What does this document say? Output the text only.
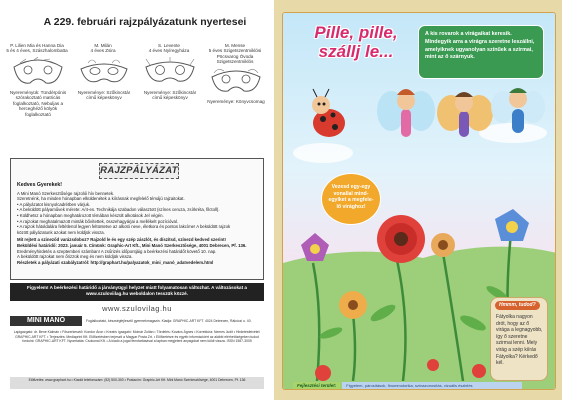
A 229. februári rajzpályázatunk nyertesei
P. Lilien Mia és Hanna Dia
5 és 4 éves, Szászhalombatta
Nyereményük: Tündérpónis szórakoztató matricás foglalkoztató, Nebuljas a herceghéző kölyök foglalkoztató
M. Milán
4 éves Zsira
Nyereménye: Szőkincstár című képeskönyv
S. Levente
4 éves Nyíregyháza
Nyereménye: Szőkincstár című képeskönyv
M. Mense
5 éves Szigetszentmiklósi Pöcsvarog Óvoda Szigetszentmiklós
Nyereménye: Könyvcsomag
RAJZPÁLYÁZAT
Kedves Gyerekek!
A Mini Manó Szerkesztősége rajzolói hív bennetek.
Szeretnénk, ha minden hónapban elküldenétek a kiírásnak megfelelő témájú rajzaitokat.
• A pályázatot kisnyolcadrétben várjuk.
• A beküldött pályaművek mérete: A/4-es. Technikája szabadon választott (színes ceruza, zsírkréta, filctoll).
• Küldhetsz a hónapban meghatározott témában készült alkotások Jel végén.
• A rajzokat meghatalmazott minták bővítettek, összehagyárjai a mellékelt pozícióval.
• A rajzok hátoldalára feltétlenül legyen feltüntetve az alkotó neve, életkora és pontos lakcíme! A beküldött rajzok
között pályázatunk azokat nem küldjük vissza.
Mit rejtett a szineződ varázsdoboz? Rajzold le és egy szép zászlót, és díszítsd, színezd kedved szerint!
Beküldési határidő: 2023. január 5. Címünk: Graphic-Art Kft., Mini Manó Szerkesztősége, 4001 Debrecen, Pf. 136.
Eredményhirdetés a szeptemberi számban! A zsűrizés időpontjáig a beérkezési határidőt követő 10. nap.
A beküldött rajzokat nem őrizzük meg és nem küldjük vissza.
Részletek a pályázati szabályzatról: http://graphart.hu/palyazatok_mini_manó_adatvedelem.html
Figyelem! A beérkezési határidő a járványügyi helyzet miatt folyamatosan változhat. A változásokat a www.szuloviilag.hu weboldalon tesszük közzé.
www.szulovilag.hu
MINI MANÓ	Foglalkoztató, készségfejlesztő gyermekmagazin. Kiadja: GRAPHIC-ART KFT. 4024 Debrecen, Rákóczi u. 40.
Lapigazgató: dr. Bene Kálmán • Főszerkesztő: Kondor Áron • Kreatív igazgató: Molnár Zoltán • Tördelés: Kovács Ágnes • Korrektúra: Nemes Judit • Hirdetésfelvétel: GRAPHIC-ART KFT. • Terjesztés: Mediaprint Kft. Előfizetésben terjeszti a Magyar Posta Zrt. • Előfizetésre és egyéb információért az alábbi elérhetőségeken tudod fordulni: GRAPHIC-ART KFT. Nyomtatás: Csokonai Kft. • A kiadó a jogai fenntartásával a lapban megjelent anyagokat nem küldi vissza. ISSN 1587-3005
Előfizetés: www.graphart.hu • Kiadói telefonszám: (52) 500-300 • Postacím: Graphic-Art Kft. Mini Manó Szerkesztősége, 4001 Debrecen, Pf. 136
Pille, pille, szállj le...
A kis rovarok a virágaikat keresik. Mindegyik arra a virágra szeretne leszállni, amelyiknek ugyanolyan színűek a szirmai, mint az ő szárnyuk.
Vezesd egy-egy vonallal mind-egyiket a megfele-lő virághoz!
Hmmm, tudod?
Fátyolka nagyon drót, hogy az ő virága a legnagyobb, így ő szeretne szirmai lenni. Mely virág a szép kiírás Fátyolka? Kérkedő kél.
Fejlesztési terület:	Figyelem, párosítások, finommotorika, színazonosítás, vizuális észlelés
